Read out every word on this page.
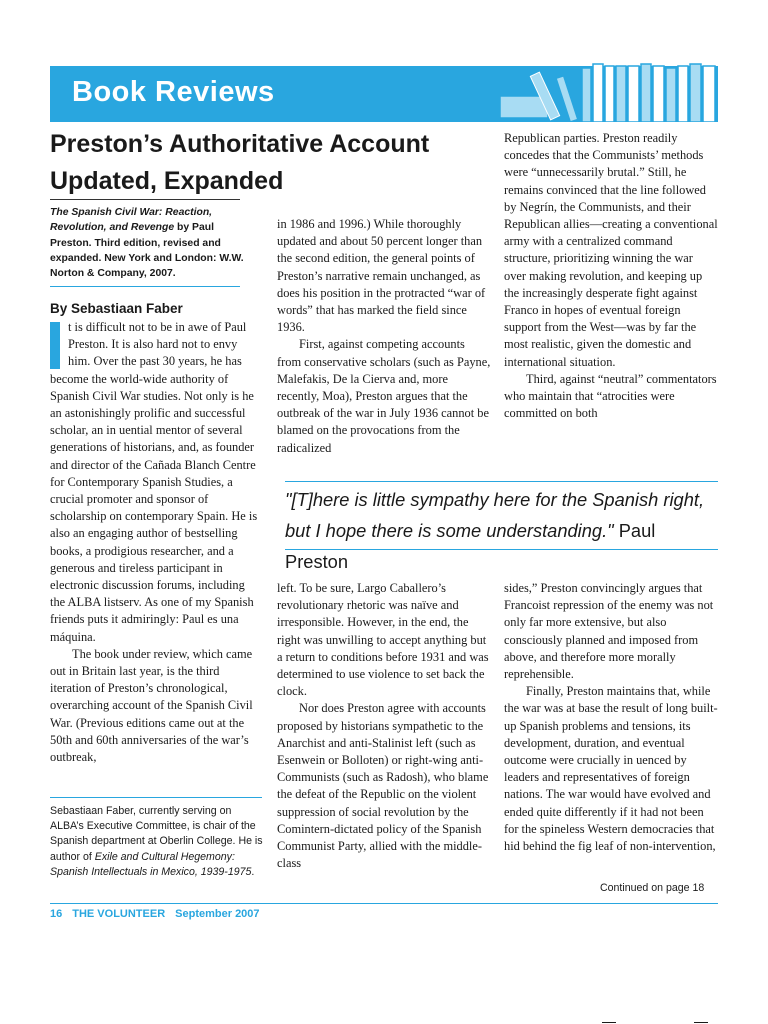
Book Reviews
Preston’s Authoritative Account Updated, Expanded
The Spanish Civil War: Reaction, Revolution, and Revenge by Paul Preston. Third edition, revised and expanded. New York and London: W.W. Norton & Company, 2007.
By Sebastiaan Faber
I	t is difficult not to be in awe of Paul Preston. It is also hard not to envy him. Over the past 30 years, he has become the world-wide authority of Spanish Civil War studies. Not only is he an astonishingly prolific and successful scholar, an in uential mentor of several generations of historians, and, as founder and director of the Cañada Blanch Centre for Contemporary Spanish Studies, a crucial promoter and sponsor of scholarship on contemporary Spain. He is also an engaging author of bestselling books, a prodigious researcher, and a generous and tireless participant in electronic discussion forums, including the ALBA listserv. As one of my Spanish friends puts it admiringly: Paul es una máquina.

The book under review, which came out in Britain last year, is the third iteration of Preston’s chronological, overarching account of the Spanish Civil War. (Previous editions came out at the 50th and 60th anniversaries of the war’s outbreak,

Sebastiaan Faber, currently serving on ALBA’s Executive Committee, is chair of the Spanish department at Oberlin College. He is author of Exile and Cultural Hegemony: Spanish Intellectuals in Mexico, 1939-1975.

in 1986 and 1996.) While thoroughly updated and about 50 percent longer than the second edition, the general points of Preston’s narrative remain unchanged, as does his position in the protracted “war of words” that has marked the field since 1936.

First, against competing accounts from conservative scholars (such as Payne, Malefakis, De la Cierva and, more recently, Moa), Preston argues that the outbreak of the war in July 1936 cannot be blamed on the provocations from the radicalized

Republican parties. Preston readily concedes that the Communists’ methods were “unnecessarily brutal.” Still, he remains convinced that the line followed by Negrín, the Communists, and their Republican allies—creating a conventional army with a centralized command structure, prioritizing winning the war over making revolution, and keeping up the increasingly desperate fight against Franco in hopes of eventual foreign support from the West—was by far the most realistic, given the domestic and international situation.

Third, against “neutral” commentators who maintain that “atrocities were committed on both

"[T]here is little sympathy here for the Spanish right, but I hope there is some understanding." Paul Preston

left. To be sure, Largo Caballero’s revolutionary rhetoric was naïve and irresponsible. However, in the end, the right was unwilling to accept anything but a return to conditions before 1931 and was determined to use violence to set back the clock.

Nor does Preston agree with accounts proposed by historians sympathetic to the Anarchist and anti-Stalinist left (such as Esenwein or Bolloten) or right-wing anti-Communists (such as Radosh), who blame the defeat of the Republic on the violent suppression of social revolution by the Comintern-dictated policy of the Spanish Communist Party, allied with the middle-class

sides,” Preston convincingly argues that Francoist repression of the enemy was not only far more extensive, but also consciously planned and imposed from above, and therefore more morally reprehensible.

Finally, Preston maintains that, while the war was at base the result of long built-up Spanish problems and tensions, its development, duration, and eventual outcome were crucially in uenced by leaders and representatives of foreign nations. The war would have evolved and ended quite differently if it had not been for the spineless Western democracies that hid behind the fig leaf of non-intervention,

Continued on page 18
16 THE VOLUNTEER September 2007
